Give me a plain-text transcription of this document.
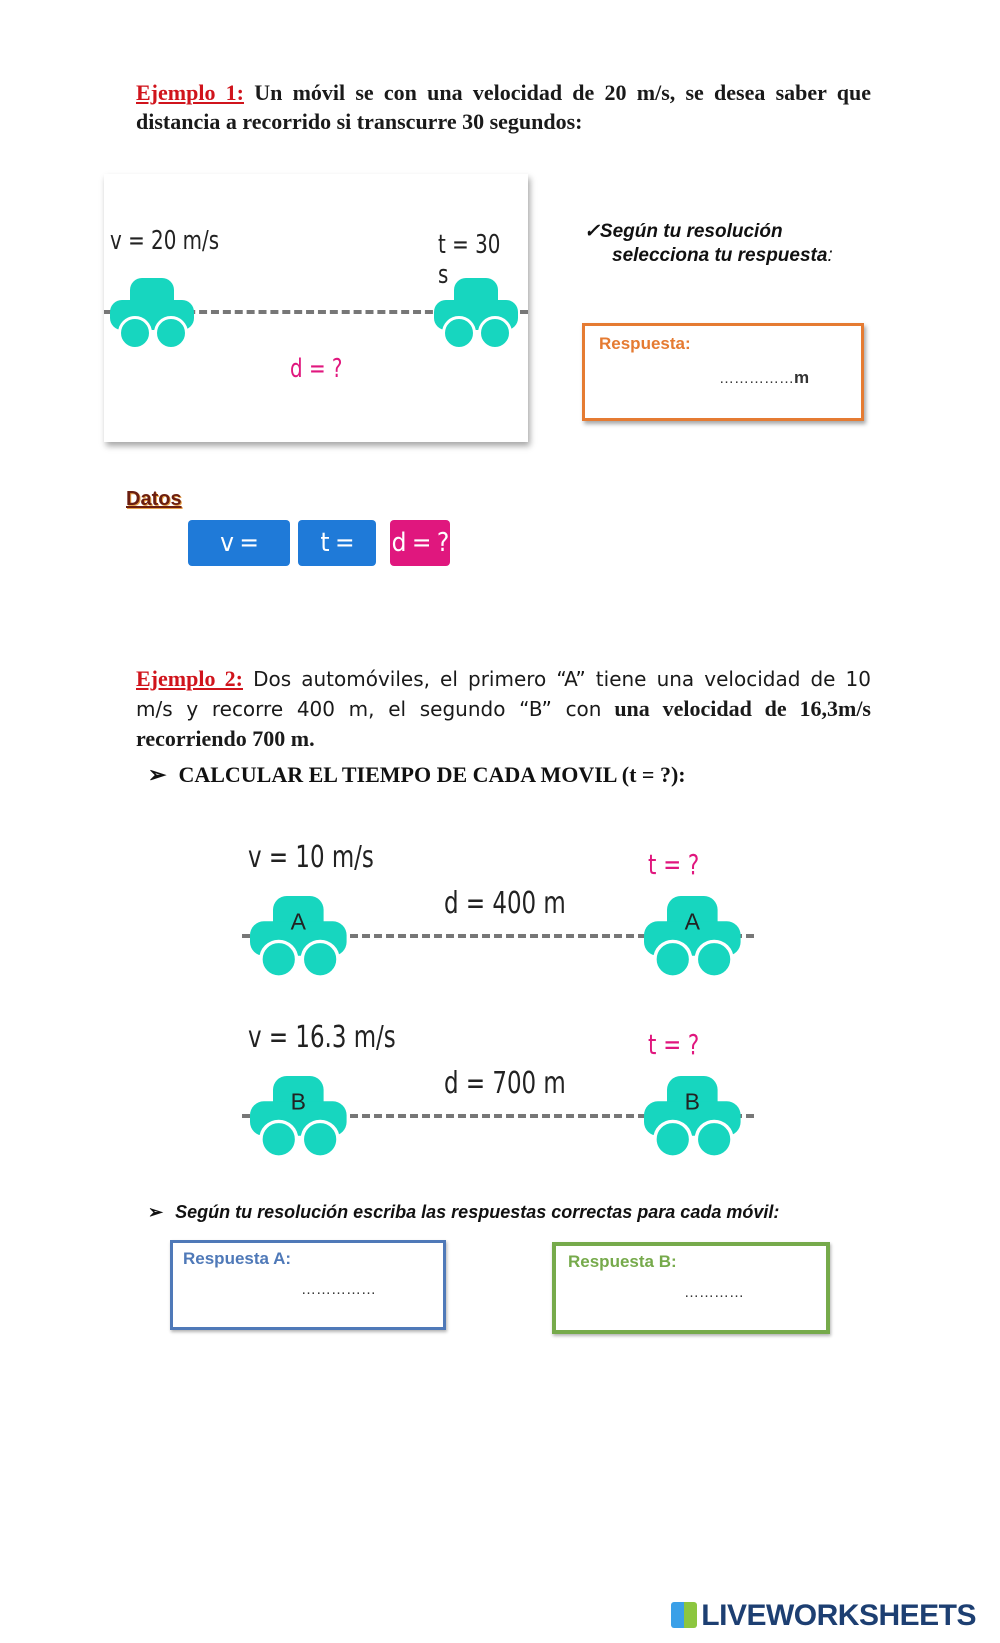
Ejemplo 1: Un móvil se con una velocidad de 20 m/s, se desea saber que distancia a recorrido si transcurre 30 segundos:
v = 20 m/s	t = 30 s
d = ?
✓Según tu resolución
selecciona tu respuesta:
Respuesta:
……………m
Datos
v = 20m/s
t = 30s
d = ?
Ejemplo 2: Dos automóviles, el primero “A” tiene una velocidad de 10 m/s y recorre 400 m, el segundo “B” con una velocidad de 16,3m/s recorriendo 700 m.
➢ CALCULAR EL TIEMPO DE CADA MOVIL (t = ?):
v = 10 m/s	t = ?
d = 400 m
A	A
v = 16.3 m/s	t = ?
d = 700 m
B	B
➢ Según tu resolución escriba las respuestas correctas para cada móvil:
Respuesta A:
……………
Respuesta B:
…………
LIVEWORKSHEETS
